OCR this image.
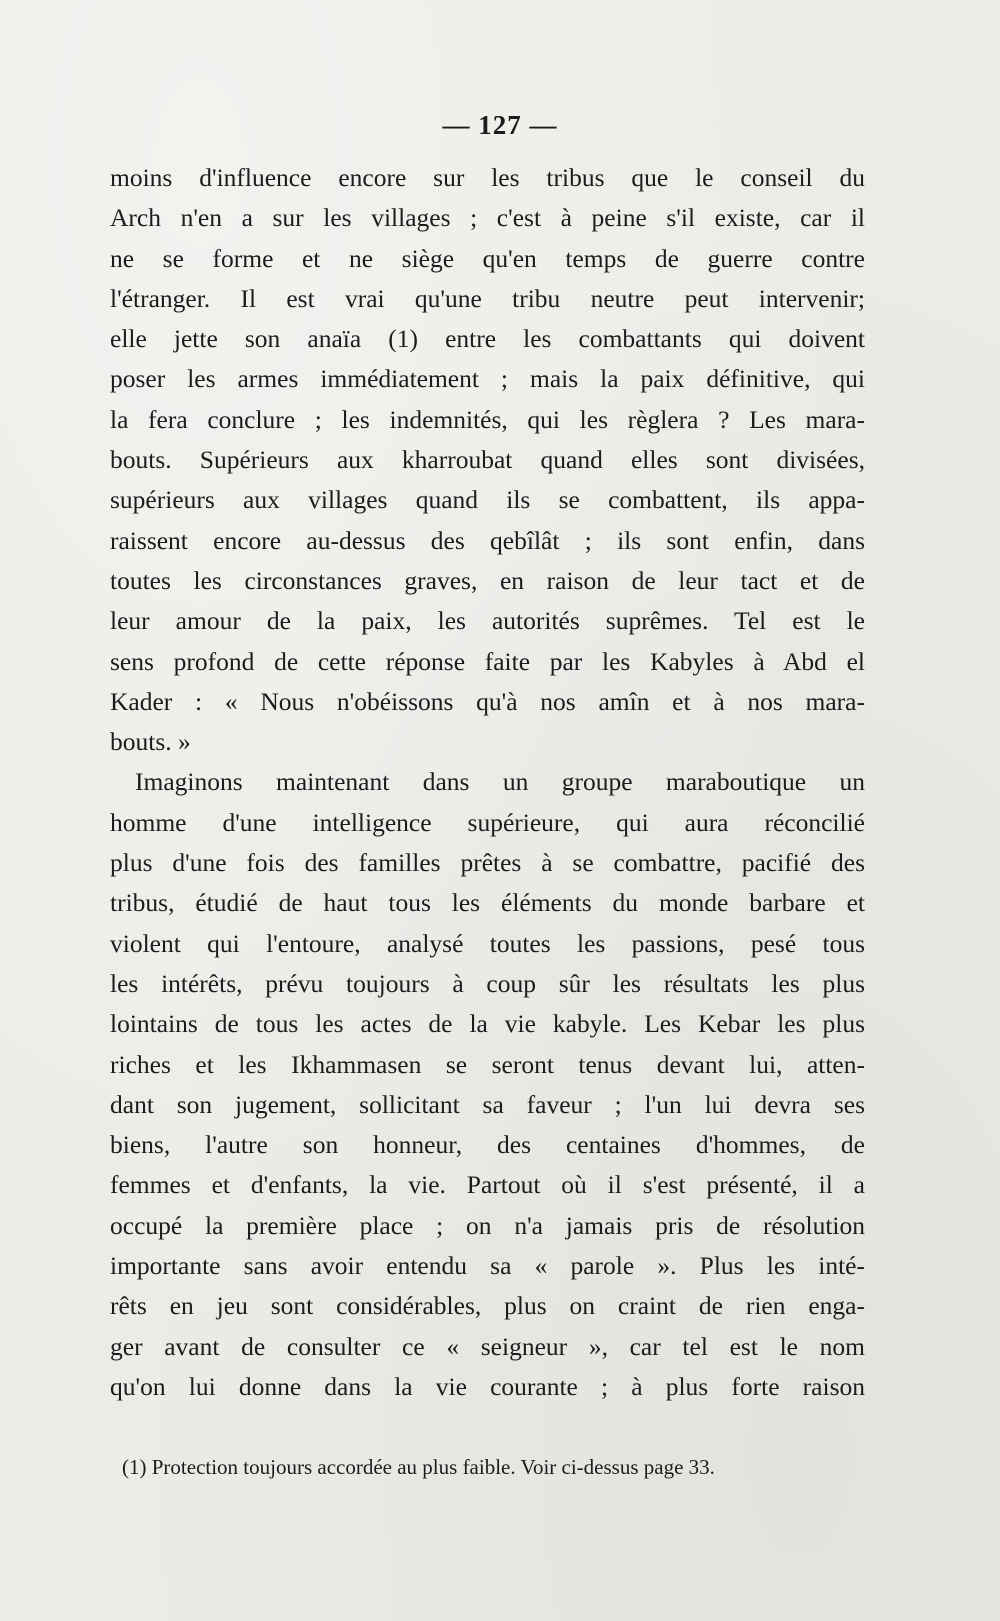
— 127 —
moins d'influence encore sur les tribus que le conseil du
Arch n'en a sur les villages ; c'est à peine s'il existe, car il
ne se forme et ne siège qu'en temps de guerre contre
l'étranger. Il est vrai qu'une tribu neutre peut intervenir;
elle jette son anaïa (1) entre les combattants qui doivent
poser les armes immédiatement ; mais la paix définitive, qui
la fera conclure ; les indemnités, qui les règlera ? Les mara-
bouts. Supérieurs aux kharroubat quand elles sont divisées,
supérieurs aux villages quand ils se combattent, ils appa-
raissent encore au-dessus des qebîlât ; ils sont enfin, dans
toutes les circonstances graves, en raison de leur tact et de
leur amour de la paix, les autorités suprêmes. Tel est le
sens profond de cette réponse faite par les Kabyles à Abd el
Kader : « Nous n'obéissons qu'à nos amîn et à nos mara-
bouts. »
Imaginons maintenant dans un groupe maraboutique un
homme d'une intelligence supérieure, qui aura réconcilié
plus d'une fois des familles prêtes à se combattre, pacifié des
tribus, étudié de haut tous les éléments du monde barbare et
violent qui l'entoure, analysé toutes les passions, pesé tous
les intérêts, prévu toujours à coup sûr les résultats les plus
lointains de tous les actes de la vie kabyle. Les Kebar les plus
riches et les Ikhammasen se seront tenus devant lui, atten-
dant son jugement, sollicitant sa faveur ; l'un lui devra ses
biens, l'autre son honneur, des centaines d'hommes, de
femmes et d'enfants, la vie. Partout où il s'est présenté, il a
occupé la première place ; on n'a jamais pris de résolution
importante sans avoir entendu sa « parole ». Plus les inté-
rêts en jeu sont considérables, plus on craint de rien enga-
ger avant de consulter ce « seigneur », car tel est le nom
qu'on lui donne dans la vie courante ; à plus forte raison
(1) Protection toujours accordée au plus faible. Voir ci-dessus page 33.
